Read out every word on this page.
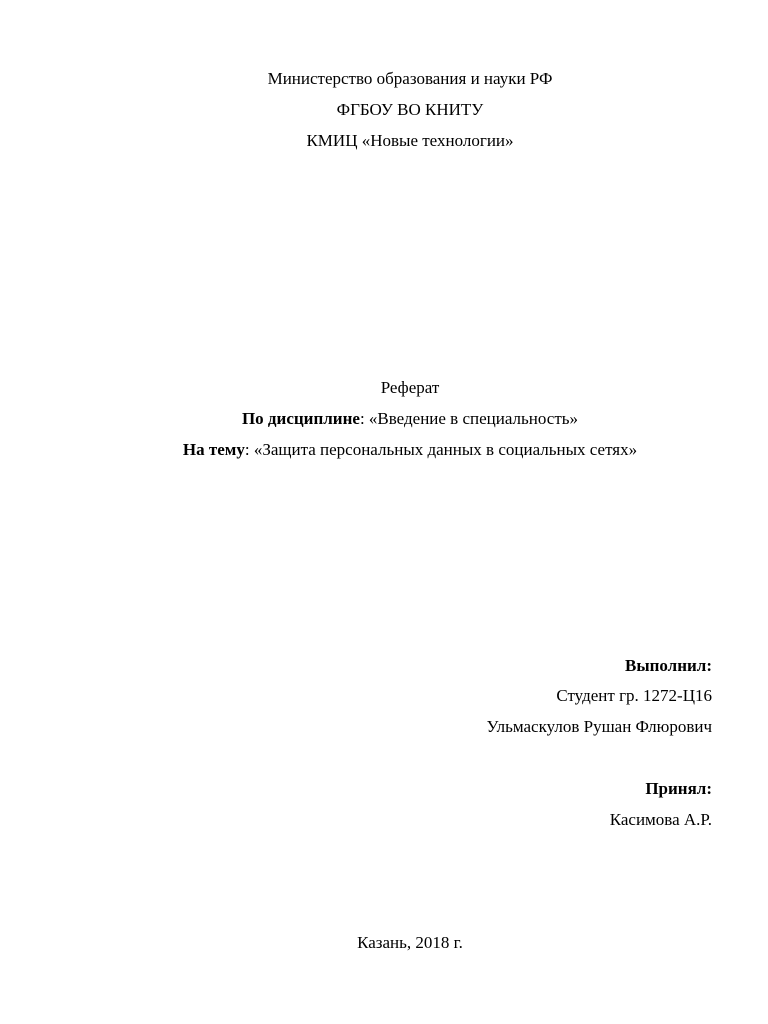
Министерство образования и науки РФ
ФГБОУ ВО КНИТУ
КМИЦ «Новые технологии»
Реферат
По дисциплине: «Введение в специальность»
На тему: «Защита персональных данных в социальных сетях»
Выполнил:
Студент гр. 1272-Ц16
Ульмаскулов Рушан Флюрович
Принял:
Касимова А.Р.
Казань, 2018 г.
